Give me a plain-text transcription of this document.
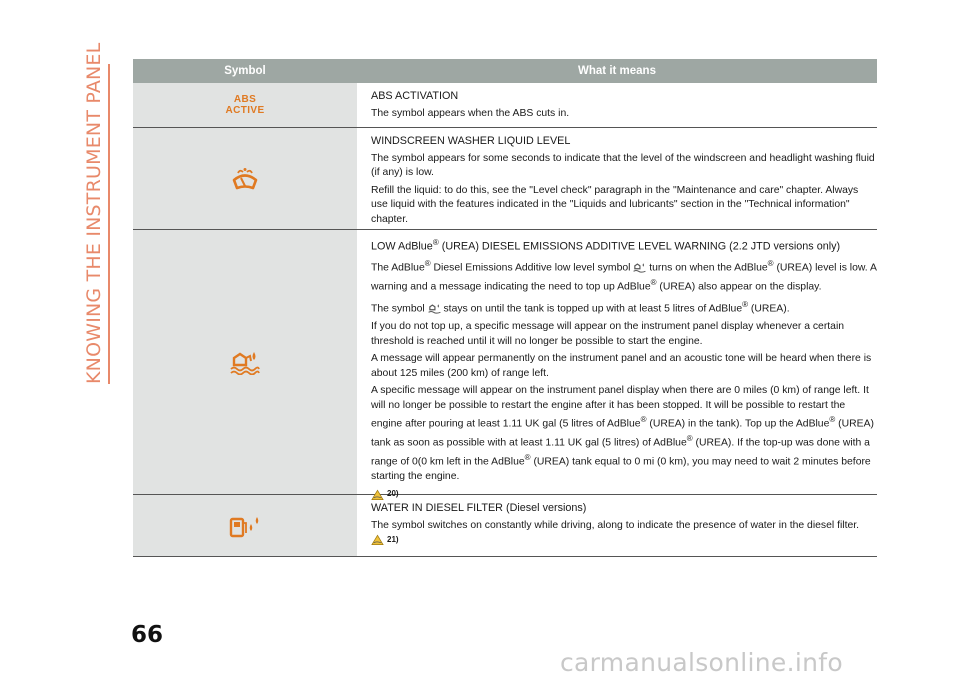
KNOWING THE INSTRUMENT PANEL	Symbol	What it means
ABS
ACTIVE

ABS ACTIVATION

The symbol appears when the ABS cuts in.

WINDSCREEN WASHER LIQUID LEVEL

The symbol appears for some seconds to indicate that the level of the windscreen and headlight washing fluid (if any) is low.

Refill the liquid: to do this, see the "Level check" paragraph in the "Maintenance and care" chapter. Always use liquid with the features indicated in the "Liquids and lubricants" section in the "Technical information" chapter.

LOW AdBlue® (UREA) DIESEL EMISSIONS ADDITIVE LEVEL WARNING (2.2 JTD versions only)

The AdBlue® Diesel Emissions Additive low level symbol  turns on when the AdBlue® (UREA) level is low. A warning and a message indicating the need to top up AdBlue® (UREA) also appear on the display.

The symbol  stays on until the tank is topped up with at least 5 litres of AdBlue® (UREA).

If you do not top up, a specific message will appear on the instrument panel display whenever a certain threshold is reached until it will no longer be possible to start the engine.

A message will appear permanently on the instrument panel and an acoustic tone will be heard when there is about 125 miles (200 km) of range left.

A specific message will appear on the instrument panel display when there are 0 miles (0 km) of range left. It will no longer be possible to restart the engine after it has been stopped. It will be possible to restart the engine after pouring at least 1.11 UK gal (5 litres of AdBlue® (UREA) in the tank). Top up the AdBlue® (UREA) tank as soon as possible with at least 1.11 UK gal (5 litres) of AdBlue® (UREA). If the top-up was done with a range of 0(0 km left in the AdBlue® (UREA) tank equal to 0 mi (0 km), you may need to wait 2 minutes before starting the engine.

20)

WATER IN DIESEL FILTER (Diesel versions)

The symbol switches on constantly while driving, along to indicate the presence of water in the diesel filter.
21)

66
carmanualsonline.info
